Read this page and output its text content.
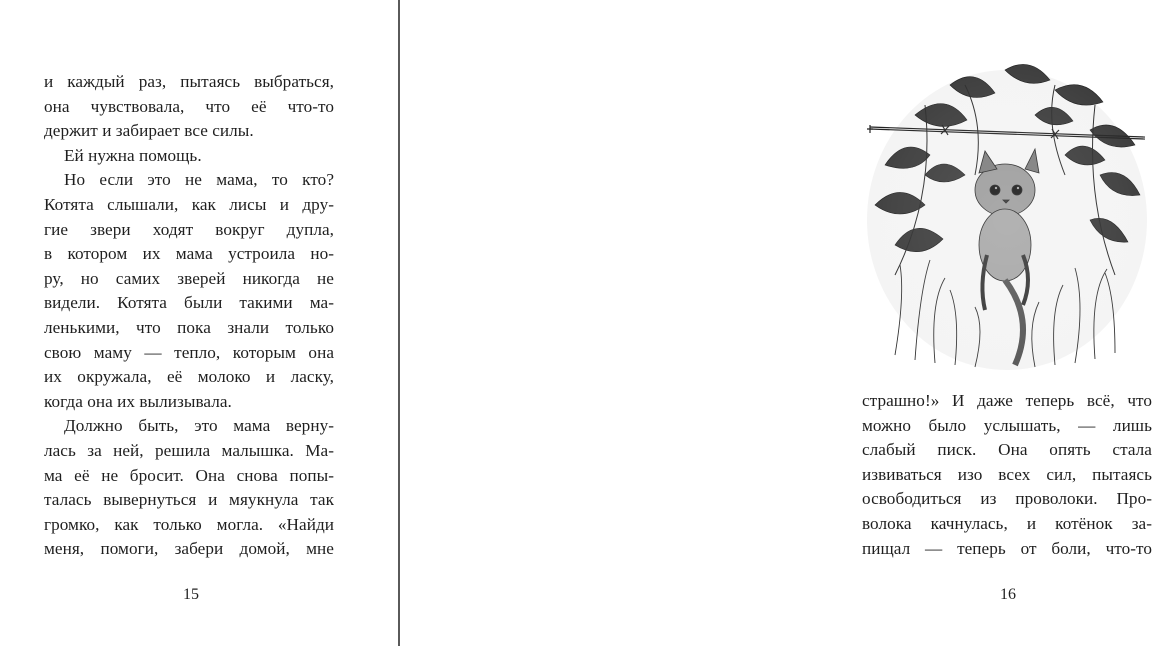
и каждый раз, пытаясь выбраться,
она чувствовала, что её что-то
держит и забирает все силы.
Ей нужна помощь.
Но если это не мама, то кто?
Котята слышали, как лисы и дру-
гие звери ходят вокруг дупла,
в котором их мама устроила но-
ру, но самих зверей никогда не
видели. Котята были такими ма-
ленькими, что пока знали только
свою маму — тепло, которым она
их окружала, её молоко и ласку,
когда она их вылизывала.
Должно быть, это мама верну-
лась за ней, решила малышка. Ма-
ма её не бросит. Она снова попы-
талась вывернуться и мяукнула так
громко, как только могла. «Найди
меня, помоги, забери домой, мне
15
страшно!» И даже теперь всё, что
можно было услышать, — лишь
слабый писк. Она опять стала
извиваться изо всех сил, пытаясь
освободиться из проволоки. Про-
волока качнулась, и котёнок за-
пищал — теперь от боли, что-то
16
